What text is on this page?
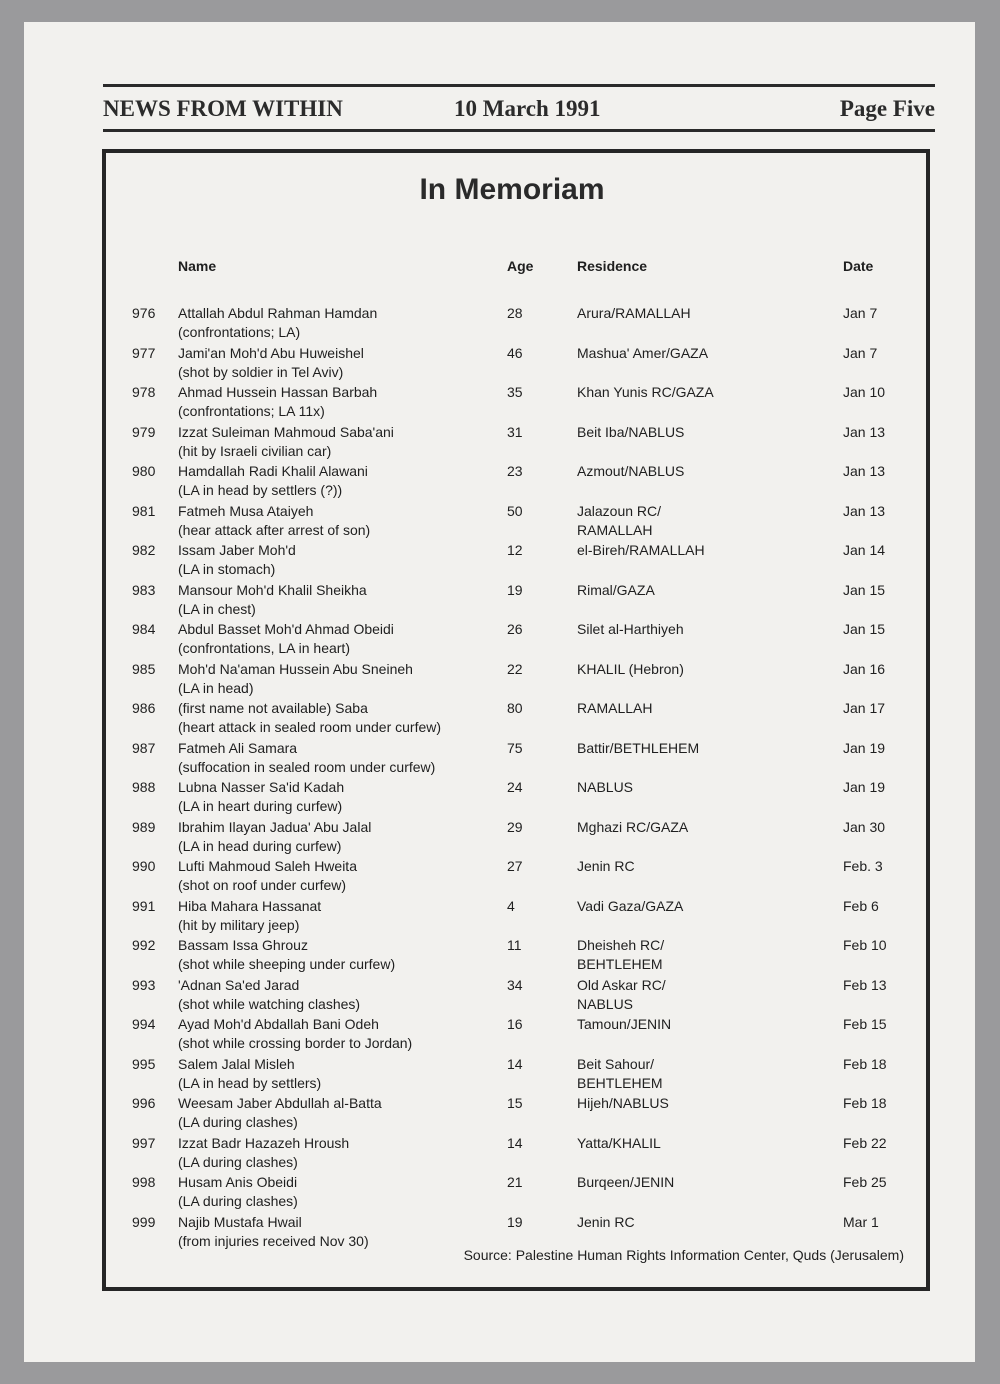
NEWS FROM WITHIN	10 March 1991	Page Five
In Memoriam
Name	Age	Residence	Date
976 Attallah Abdul Rahman Hamdan
(confrontations; LA)
28	Arura/RAMALLAH	Jan 7
977 Jami'an Moh'd Abu Huweishel
(shot by soldier in Tel Aviv)
46	Mashua' Amer/GAZA	Jan 7
978 Ahmad Hussein Hassan Barbah
(confrontations; LA 11x)
35	Khan Yunis RC/GAZA	Jan 10
979 Izzat Suleiman Mahmoud Saba'ani
(hit by Israeli civilian car)
31	Beit Iba/NABLUS	Jan 13
980 Hamdallah Radi Khalil Alawani
(LA in head by settlers (?))
23	Azmout/NABLUS	Jan 13
981 Fatmeh Musa Ataiyeh
(hear attack after arrest of son)
50	Jalazoun RC/
RAMALLAH
Jan 13
982 Issam Jaber Moh'd
(LA in stomach)
12	el-Bireh/RAMALLAH	Jan 14
983 Mansour Moh'd Khalil Sheikha
(LA in chest)
19	Rimal/GAZA	Jan 15
984 Abdul Basset Moh'd Ahmad Obeidi
(confrontations, LA in heart)
26	Silet al-Harthiyeh	Jan 15
985 Moh'd Na'aman Hussein Abu Sneineh
(LA in head)
22	KHALIL (Hebron)	Jan 16
986 (first name not available) Saba
(heart attack in sealed room under curfew)
80	RAMALLAH	Jan 17
987 Fatmeh Ali Samara
(suffocation in sealed room under curfew)
75	Battir/BETHLEHEM	Jan 19
988 Lubna Nasser Sa'id Kadah
(LA in heart during curfew)
24	NABLUS	Jan 19
989 Ibrahim Ilayan Jadua' Abu Jalal
(LA in head during curfew)
29	Mghazi RC/GAZA	Jan 30
990 Lufti Mahmoud Saleh Hweita
(shot on roof under curfew)
27	Jenin RC	Feb. 3
991 Hiba Mahara Hassanat
(hit by military jeep)
4	Vadi Gaza/GAZA	Feb 6
992 Bassam Issa Ghrouz
(shot while sheeping under curfew)
11	Dheisheh RC/
BEHTLEHEM
Feb 10
993 'Adnan Sa'ed Jarad
(shot while watching clashes)
34	Old Askar RC/
NABLUS
Feb 13
994 Ayad Moh'd Abdallah Bani Odeh
(shot while crossing border to Jordan)
16	Tamoun/JENIN	Feb 15
995 Salem Jalal Misleh
(LA in head by settlers)
14	Beit Sahour/
BEHTLEHEM
Feb 18
996 Weesam Jaber Abdullah al-Batta
(LA during clashes)
15	Hijeh/NABLUS	Feb 18
997 Izzat Badr Hazazeh Hroush
(LA during clashes)
14	Yatta/KHALIL	Feb 22
998 Husam Anis Obeidi
(LA during clashes)
21	Burqeen/JENIN	Feb 25
999 Najib Mustafa Hwail
(from injuries received Nov 30)
19	Jenin RC	Mar 1
Source: Palestine Human Rights Information Center, Quds (Jerusalem)
